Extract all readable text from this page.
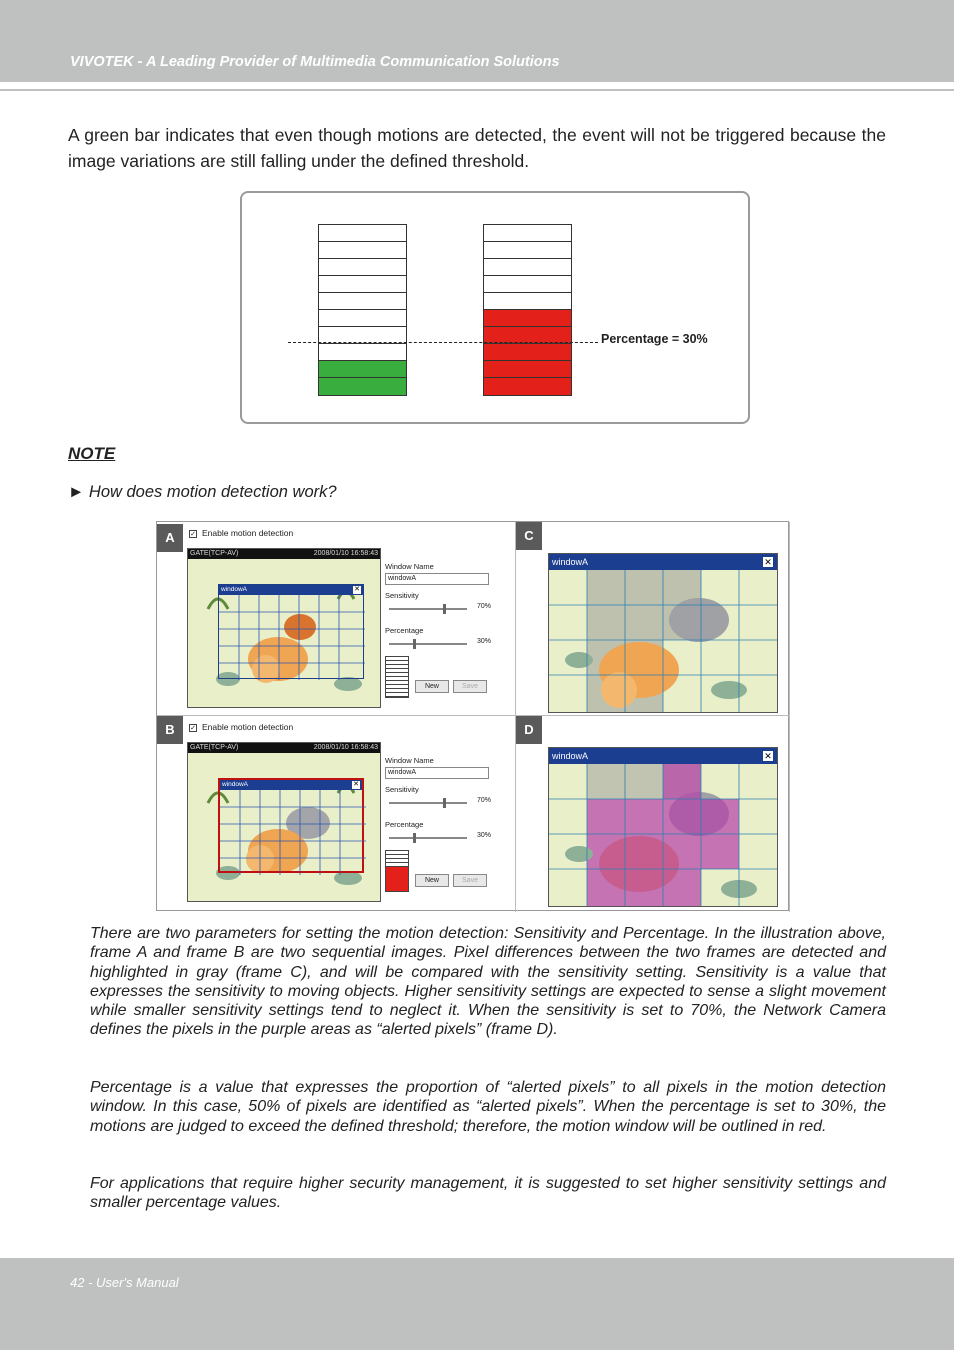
VIVOTEK - A Leading Provider of Multimedia Communication Solutions

A green bar indicates that even though motions are detected, the event will not be triggered because the image variations are still falling under the defined threshold.

Percentage = 30%
NOTE
► How does motion detection work?
A	✓ Enable motion detection
GATE(TCP-AV)	2008/01/10 16:58:43
windowA	✕
Window Name
windowA
Sensitivity
70%
Percentage
30%
New	Save
C
windowA	✕
B	✓ Enable motion detection
GATE(TCP-AV)	2008/01/10 16:58:43
windowA	✕
Window Name
windowA
Sensitivity
70%
Percentage
30%
New	Save
D
windowA	✕

There are two parameters for setting the motion detection: Sensitivity and Percentage. In the illustration above, frame A and frame B are two sequential images. Pixel differences between the two frames are detected and highlighted in gray (frame C), and will be compared with the sensitivity setting. Sensitivity is a value that expresses the sensitivity to moving objects. Higher sensitivity settings are expected to sense a slight movement while smaller sensitivity settings tend to neglect it. When the sensitivity is set to 70%, the Network Camera defines the pixels in the purple areas as “alerted pixels” (frame D).

Percentage is a value that expresses the proportion of “alerted pixels” to all pixels in the motion detection window. In this case, 50% of pixels are identified as “alerted pixels”. When the percentage is set to 30%, the motions are judged to exceed the defined threshold; therefore, the motion window will be outlined in red.

For applications that require higher security management, it is suggested to set higher sensitivity settings and smaller percentage values.

42 - User's Manual
